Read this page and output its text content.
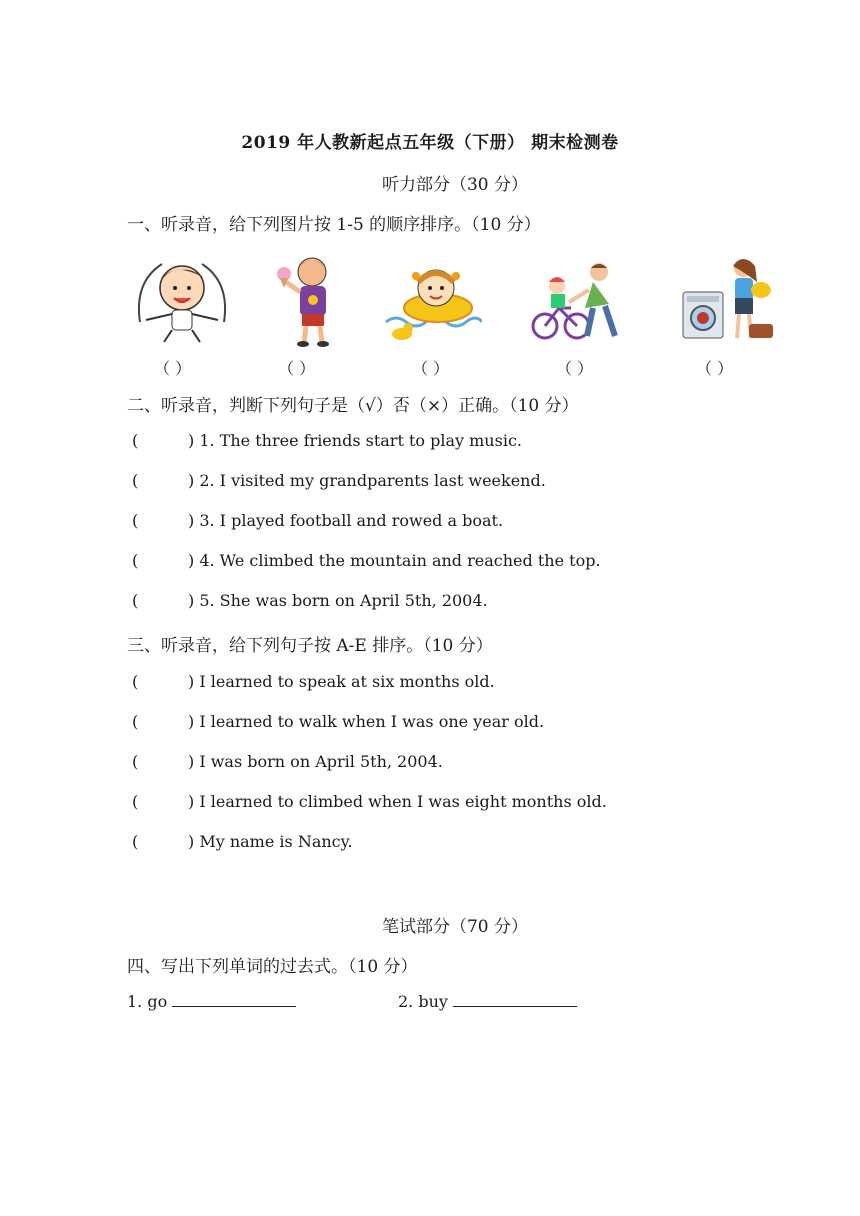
2019 年人教新起点五年级（下册） 期末检测卷
听力部分（30 分）
一、听录音，给下列图片按 1-5 的顺序排序。（10 分）
（ ）	（ ）	（ ）	（ ）	（ ）
二、听录音，判断下列句子是（√）否（×）正确。（10 分）
(	) 1. The three friends start to play music.
(	) 2. I visited my grandparents last weekend.
(	) 3. I played football and rowed a boat.
(	) 4. We climbed the mountain and reached the top.
(	) 5. She was born on April 5th, 2004.
三、听录音，给下列句子按 A-E 排序。（10 分）
(	) I learned to speak at six months old.
(	) I learned to walk when I was one year old.
(	) I was born on April 5th, 2004.
(	) I learned to climbed when I was eight months old.
(	) My name is Nancy.
笔试部分（70 分）
四、写出下列单词的过去式。（10 分）
1. go	2. buy
